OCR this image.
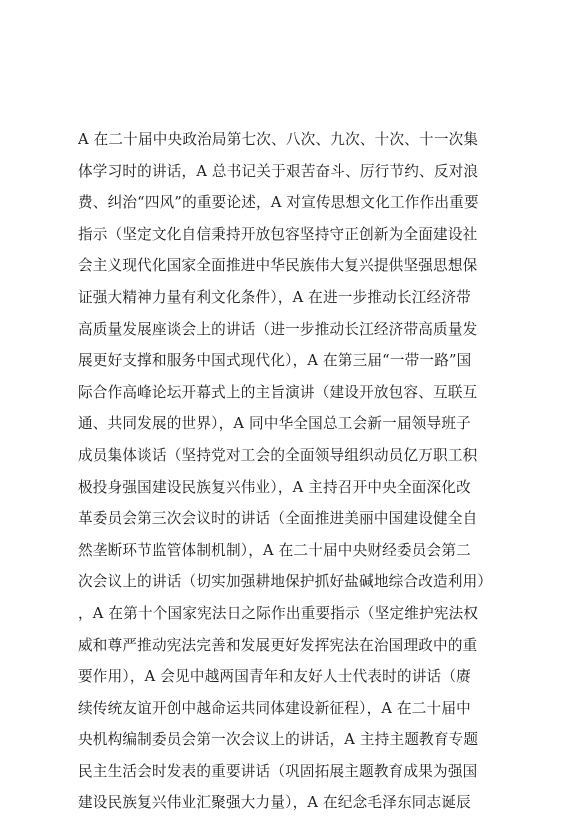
A 在二十届中央政治局第七次、八次、九次、十次、十一次集
体学习时的讲话，A 总书记关于艰苦奋斗、厉行节约、反对浪
费、纠治“四风”的重要论述，A 对宣传思想文化工作作出重要
指示（坚定文化自信秉持开放包容坚持守正创新为全面建设社
会主义现代化国家全面推进中华民族伟大复兴提供坚强思想保
证强大精神力量有利文化条件），A 在进一步推动长江经济带
高质量发展座谈会上的讲话（进一步推动长江经济带高质量发
展更好支撑和服务中国式现代化），A 在第三届“一带一路”国
际合作高峰论坛开幕式上的主旨演讲（建设开放包容、互联互
通、共同发展的世界），A 同中华全国总工会新一届领导班子
成员集体谈话（坚持党对工会的全面领导组织动员亿万职工积
极投身强国建设民族复兴伟业），A 主持召开中央全面深化改
革委员会第三次会议时的讲话（全面推进美丽中国建设健全自
然垄断环节监管体制机制），A 在二十届中央财经委员会第二
次会议上的讲话（切实加强耕地保护抓好盐碱地综合改造利用）
，A 在第十个国家宪法日之际作出重要指示（坚定维护宪法权
威和尊严推动宪法完善和发展更好发挥宪法在治国理政中的重
要作用），A 会见中越两国青年和友好人士代表时的讲话（赓
续传统友谊开创中越命运共同体建设新征程），A 在二十届中
央机构编制委员会第一次会议上的讲话，A 主持主题教育专题
民主生活会时发表的重要讲话（巩固拓展主题教育成果为强国
建设民族复兴伟业汇聚强大力量），A 在纪念毛泽东同志诞辰
